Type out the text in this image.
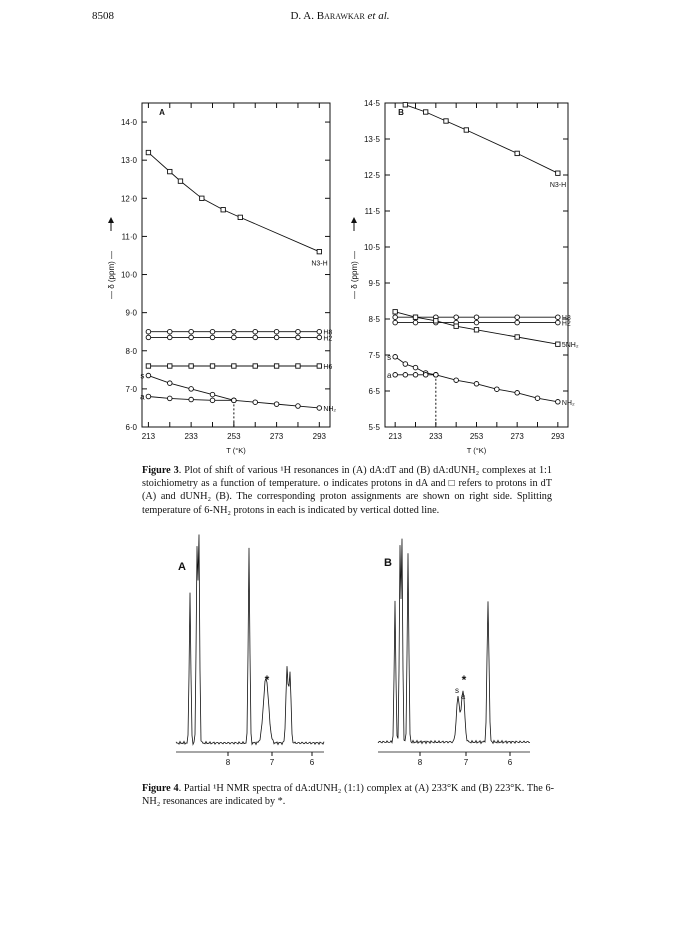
8508	D. A. Barawkar et al.
213	233	253	273	293
6·0
7·0
8·0
9·0
10·0
11·0
12·0
13·0
14·0
T (°K)
— δ (ppm) —
A
N3-H
H8
H2
H6
s
a
NH₂
213	233	253	273	293
5·5
6·5
7·5
8·5
9·5
10·5
11·5
12·5
13·5
14·5
T (°K)
— δ (ppm) —
B
N3-H
H8
H2
5NH₂
s
a
NH₂
8	7	6
A
*
8	7	6
B
*
s
a
Figure 3. Plot of shift of various ¹H resonances in (A) dA:dT and (B) dA:dUNH₂ complexes at 1:1 stoichiometry as a function of temperature. o indicates protons in dA and □ refers to protons in dT (A) and dUNH₂ (B). The corresponding proton assignments are shown on right side. Splitting temperature of 6-NH₂ protons in each is indicated by vertical dotted line.
Figure 4. Partial ¹H NMR spectra of dA:dUNH₂ (1:1) complex at (A) 233°K and (B) 223°K. The 6-NH₂ resonances are indicated by *.
